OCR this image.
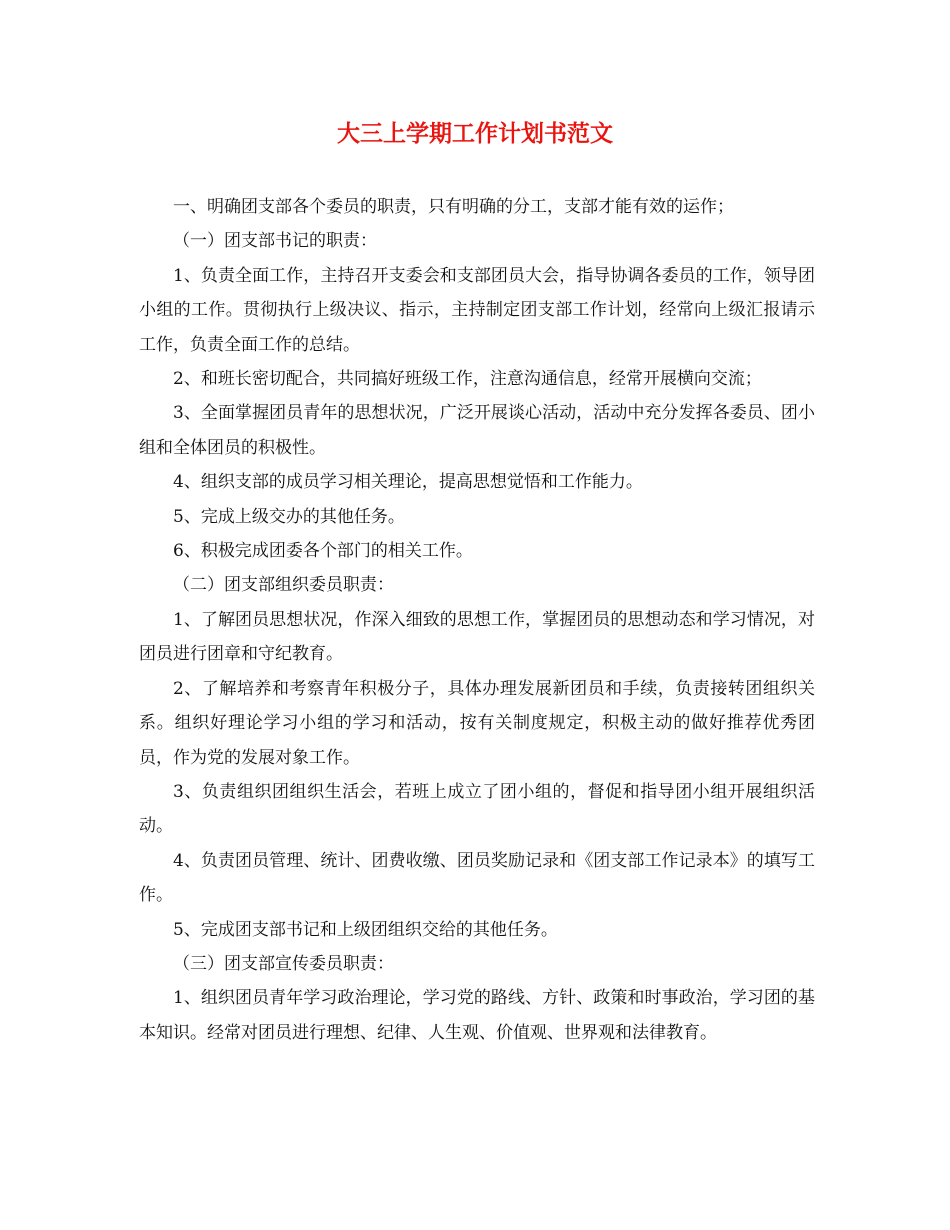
大三上学期工作计划书范文

一、明确团支部各个委员的职责，只有明确的分工，支部才能有效的运作；

（一）团支部书记的职责：

1、负责全面工作，主持召开支委会和支部团员大会，指导协调各委员的工作，领导团小组的工作。贯彻执行上级决议、指示，主持制定团支部工作计划，经常向上级汇报请示工作，负责全面工作的总结。

2、和班长密切配合，共同搞好班级工作，注意沟通信息，经常开展横向交流；

3、全面掌握团员青年的思想状况，广泛开展谈心活动，活动中充分发挥各委员、团小组和全体团员的积极性。

4、组织支部的成员学习相关理论，提高思想觉悟和工作能力。

5、完成上级交办的其他任务。

6、积极完成团委各个部门的相关工作。

（二）团支部组织委员职责：

1、了解团员思想状况，作深入细致的思想工作，掌握团员的思想动态和学习情况，对团员进行团章和守纪教育。

2、了解培养和考察青年积极分子，具体办理发展新团员和手续，负责接转团组织关系。组织好理论学习小组的学习和活动，按有关制度规定，积极主动的做好推荐优秀团员，作为党的发展对象工作。

3、负责组织团组织生活会，若班上成立了团小组的，督促和指导团小组开展组织活动。

4、负责团员管理、统计、团费收缴、团员奖励记录和《团支部工作记录本》的填写工作。

5、完成团支部书记和上级团组织交给的其他任务。

（三）团支部宣传委员职责：

1、组织团员青年学习政治理论，学习党的路线、方针、政策和时事政治，学习团的基本知识。经常对团员进行理想、纪律、人生观、价值观、世界观和法律教育。
